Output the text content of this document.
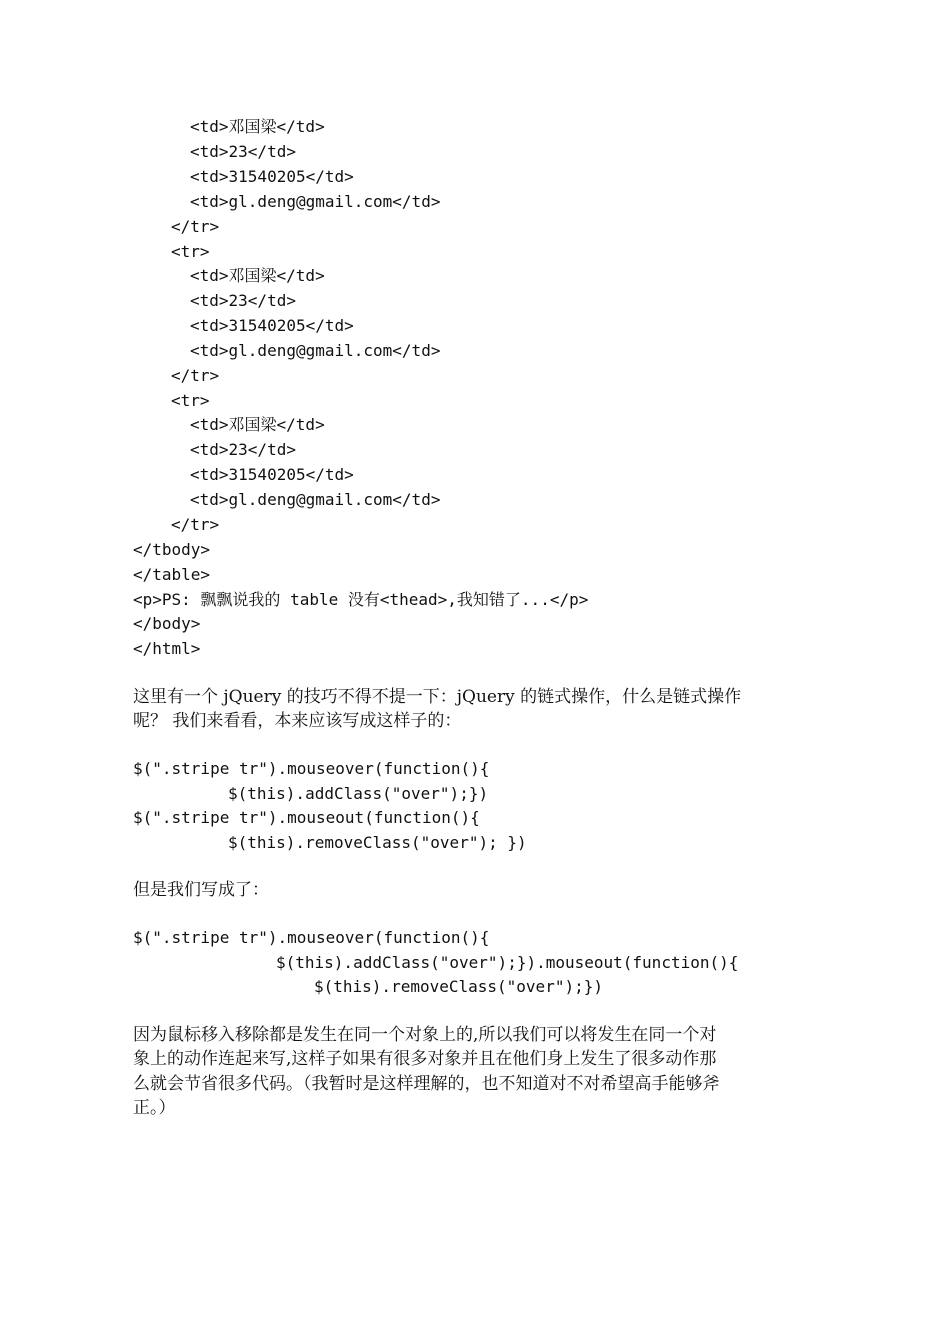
<td>邓国梁</td>
<td>23</td>
<td>31540205</td>
<td>gl.deng@gmail.com</td>
</tr>
<tr>
<td>邓国梁</td>
<td>23</td>
<td>31540205</td>
<td>gl.deng@gmail.com</td>
</tr>
<tr>
<td>邓国梁</td>
<td>23</td>
<td>31540205</td>
<td>gl.deng@gmail.com</td>
</tr>
</tbody>
</table>
<p>PS: 飘飘说我的 table 没有<thead>,我知错了...</p>
</body>
</html>
这里有一个 jQuery 的技巧不得不提一下：jQuery 的链式操作，什么是链式操作
呢？ 我们来看看，本来应该写成这样子的：
$(".stripe tr").mouseover(function(){
$(this).addClass("over");})
$(".stripe tr").mouseout(function(){
$(this).removeClass("over"); })
但是我们写成了：
$(".stripe tr").mouseover(function(){
$(this).addClass("over");}).mouseout(function(){
$(this).removeClass("over");})
因为鼠标移入移除都是发生在同一个对象上的,所以我们可以将发生在同一个对
象上的动作连起来写,这样子如果有很多对象并且在他们身上发生了很多动作那
么就会节省很多代码。（我暂时是这样理解的，也不知道对不对希望高手能够斧
正。）
